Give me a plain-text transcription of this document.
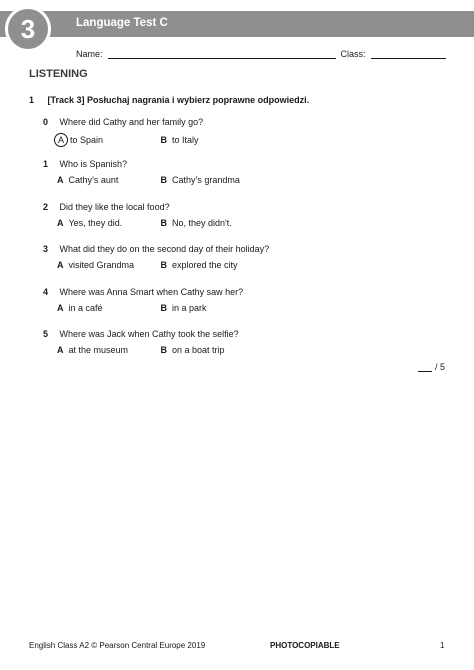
3	Language Test C
Name:	Class:
LISTENING
1 [Track 3] Posłuchaj nagrania i wybierz poprawne odpowiedzi.
0 Where did Cathy and her family go?
A to Spain	B to Italy
1 Who is Spanish?
A Cathy’s aunt	B Cathy’s grandma
2 Did they like the local food?
A Yes, they did.	B No, they didn't.
3 What did they do on the second day of their holiday?
A visited Grandma	B explored the city
4 Where was Anna Smart when Cathy saw her?
A in a café	B in a park
5 Where was Jack when Cathy took the selfie?
A at the museum	B on a boat trip
/ 5
English Class A2 © Pearson Central Europe 2019	PHOTOCOPIABLE	1
